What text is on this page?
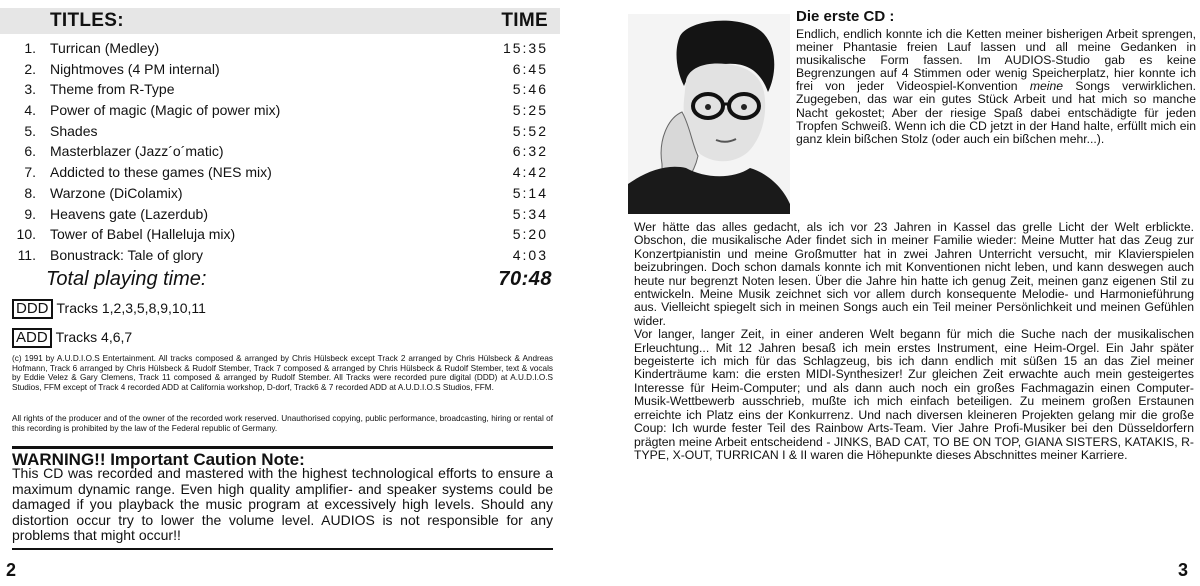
TITLES:	TIME
1. Turrican (Medley)	15:35
2. Nightmoves (4 PM internal)	6:45
3. Theme from R-Type	5:46
4. Power of magic (Magic of power mix)	5:25
5. Shades	5:52
6. Masterblazer (Jazz´o´matic)	6:32
7. Addicted to these games (NES mix)	4:42
8. Warzone (DiColamix)	5:14
9. Heavens gate (Lazerdub)	5:34
10. Tower of Babel (Halleluja mix)	5:20
11. Bonustrack: Tale of glory	4:03
Total playing time:	70:48
DDD Tracks 1,2,3,5,8,9,10,11
ADD Tracks 4,6,7
(c) 1991 by A.U.D.I.O.S Entertainment. All tracks composed & arranged by Chris Hülsbeck except Track 2 arranged by Chris Hülsbeck & Andreas Hofmann, Track 6 arranged by Chris Hülsbeck & Rudolf Stember, Track 7 composed & arranged by Chris Hülsbeck & Rudolf Stember, text & vocals by Eddie Velez & Gary Clemens, Track 11 composed & arranged by Rudolf Stember. All Tracks were recorded pure digital (DDD) at A.U.D.I.O.S Studios, FFM except of Track 4 recorded ADD at California workshop, D-dorf, Track6 & 7 recorded ADD at A.U.D.I.O.S Studios, FFM.
All rights of the producer and of the owner of the recorded work reserved. Unauthorised copying, public performance, broadcasting, hiring or rental of this recording is prohibited by the law of the Federal republic of Germany.
WARNING!! Important Caution Note:
This CD was recorded and mastered with the highest technological efforts to ensure a maximum dynamic range. Even high quality amplifier- and speaker systems could be damaged if you playback the music program at excessively high levels. Should any distortion occur try to lower the volume level. AUDIOS is not responsible for any problems that might occur!!
2
Die erste CD :
Endlich, endlich konnte ich die Ketten meiner bisherigen Arbeit sprengen, meiner Phantasie freien Lauf lassen und all meine Gedanken in musikalische Form fassen. Im AUDIOS-Studio gab es keine Begrenzungen auf 4 Stimmen oder wenig Speicherplatz, hier konnte ich frei von jeder Videospiel-Konvention meine Songs verwirklichen. Zugegeben, das war ein gutes Stück Arbeit und hat mich so manche Nacht gekostet; Aber der riesige Spaß dabei entschädigte für jeden Tropfen Schweiß. Wenn ich die CD jetzt in der Hand halte, erfüllt mich ein ganz klein bißchen Stolz (oder auch ein bißchen mehr...).

Wer hätte das alles gedacht, als ich vor 23 Jahren in Kassel das grelle Licht der Welt erblickte. Obschon, die musikalische Ader findet sich in meiner Familie wieder: Meine Mutter hat das Zeug zur Konzertpianistin und meine Großmutter hat in zwei Jahren Unterricht versucht, mir Klavierspielen beizubringen. Doch schon damals konnte ich mit Konventionen nicht leben, und kann deswegen auch heute nur begrenzt Noten lesen. Über die Jahre hin hatte ich genug Zeit, meinen ganz eigenen Stil zu entwickeln. Meine Musik zeichnet sich vor allem durch konsequente Melodie- und Harmonieführung aus. Vielleicht spiegelt sich in meinen Songs auch ein Teil meiner Persönlichkeit und meinen Gefühlen wider.

Vor langer, langer Zeit, in einer anderen Welt begann für mich die Suche nach der musikalischen Erleuchtung... Mit 12 Jahren besaß ich mein erstes Instrument, eine Heim-Orgel. Ein Jahr später begeisterte ich mich für das Schlagzeug, bis ich dann endlich mit süßen 15 an das Ziel meiner Kinderträume kam: die ersten MIDI-Synthesizer! Zur gleichen Zeit erwachte auch mein gesteigertes Interesse für Heim-Computer; und als dann auch noch ein großes Fachmagazin einen Computer-Musik-Wettbewerb ausschrieb, mußte ich mich einfach beteiligen. Zu meinem großen Erstaunen erreichte ich Platz eins der Konkurrenz. Und nach diversen kleineren Projekten gelang mir die große Coup: Ich wurde fester Teil des Rainbow Arts-Team. Vier Jahre Profi-Musiker bei den Düsseldorfern prägten meine Arbeit entscheidend - JINKS, BAD CAT, TO BE ON TOP, GIANA SISTERS, KATAKIS, R-TYPE, X-OUT, TURRICAN I & II waren die Höhepunkte dieses Abschnittes meiner Karriere.

3
